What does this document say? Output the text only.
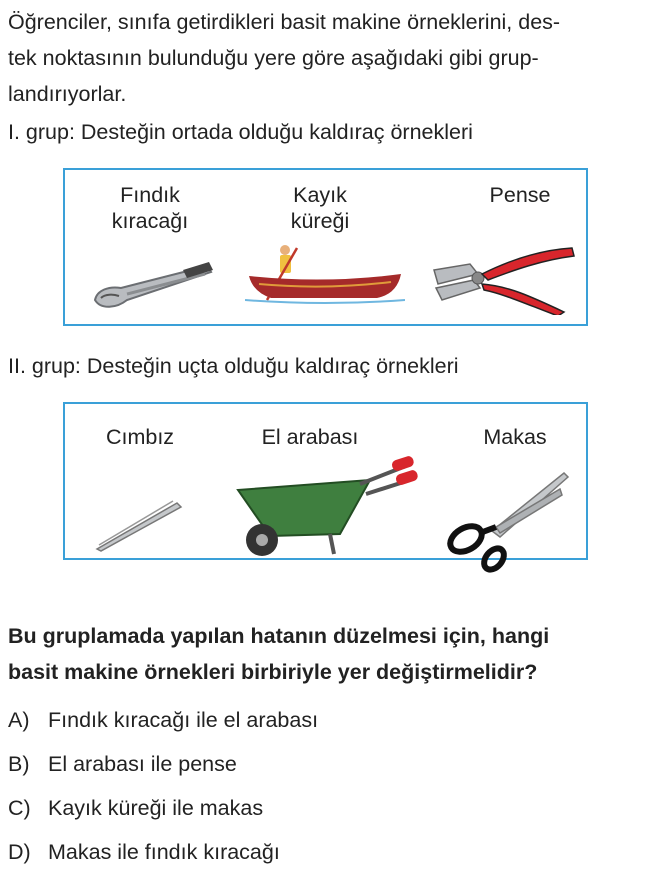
Öğrenciler, sınıfa getirdikleri basit makine örneklerini, des-
tek noktasının bulunduğu yere göre aşağıdaki gibi grup-
landırıyorlar.
I. grup: Desteğin ortada olduğu kaldıraç örnekleri
Fındık
kıracağı
Kayık
küreği
Pense
II. grup: Desteğin uçta olduğu kaldıraç örnekleri
Cımbız	El arabası	Makas
Bu gruplamada yapılan hatanın düzelmesi için, hangi
basit makine örnekleri birbiriyle yer değiştirmelidir?
A) Fındık kıracağı ile el arabası
B) El arabası ile pense
C) Kayık küreği ile makas
D) Makas ile fındık kıracağı
